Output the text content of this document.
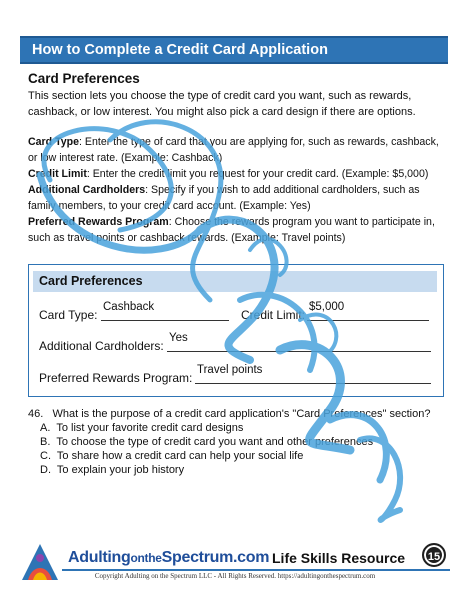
How to Complete a Credit Card Application
Card Preferences
This section lets you choose the type of credit card you want, such as rewards, cashback, or low interest. You might also pick a card design if there are options.

Card Type: Enter the type of card that you are applying for, such as rewards, cashback, or low interest rate. (Example: Cashback)

Credit Limit: Enter the credit limit you request for your credit card. (Example: $5,000)

Additional Cardholders: Specify if you wish to add additional cardholders, such as family members, to your credit card account. (Example: Yes)

Preferred Rewards Program: Choose the rewards program you want to participate in, such as travel points or cashback rewards. (Example: Travel points)

Card Preferences
Card Type:
Cashback
Credit Limit:
$5,000
Additional Cardholders:
Yes
Preferred Rewards Program:
Travel points
46. What is the purpose of a credit card application's "Card Preferences" section?
A. To list your favorite credit card designs
B. To choose the type of credit card you want and other preferences
C. To share how a credit card can help your social life
D. To explain your job history
AdultingontheSpectrum.com Life Skills Resource	15
Copyright Adulting on the Spectrum LLC - All Rights Reserved. https://adultingonthespectrum.com
